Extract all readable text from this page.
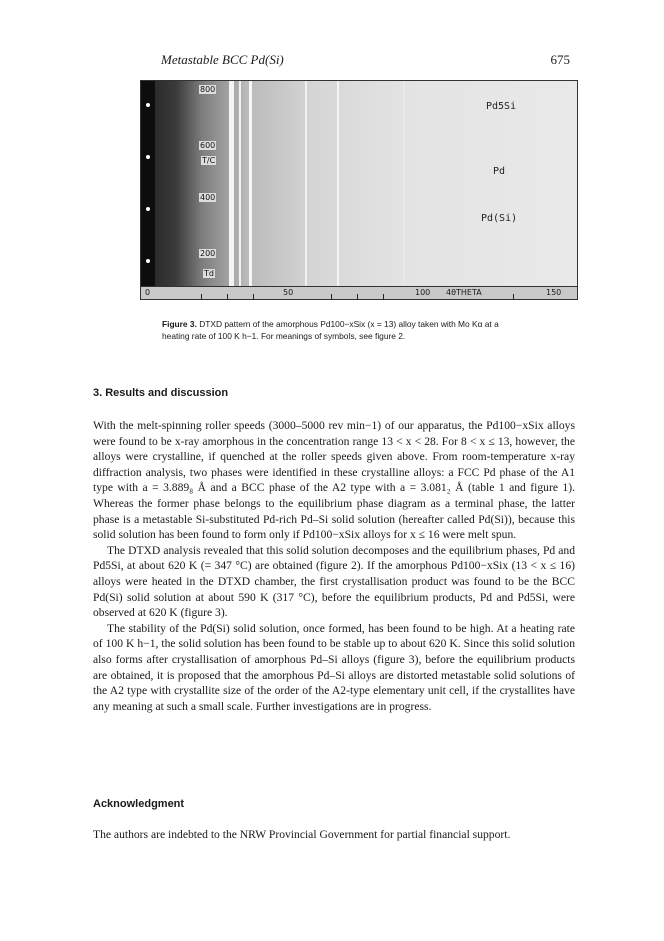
Metastable BCC Pd(Si)	675
800
600
T/C
400
200
Td
Pd5Si
Pd
Pd(Si)
0	50	100 4θTHETA	150
Figure 3. DTXD pattern of the amorphous Pd100−xSix (x = 13) alloy taken with Mo Kα at a heating rate of 100 K h−1. For meanings of symbols, see figure 2.
3. Results and discussion

With the melt-spinning roller speeds (3000–5000 rev min−1) of our apparatus, the Pd100−xSix alloys were found to be x-ray amorphous in the concentration range 13 < x < 28. For 8 < x ≤ 13, however, the alloys were crystalline, if quenched at the roller speeds given above. From room-temperature x-ray diffraction analysis, two phases were identified in these crystalline alloys: a FCC Pd phase of the A1 type with a = 3.889₈ Å and a BCC phase of the A2 type with a = 3.081₂ Å (table 1 and figure 1). Whereas the former phase belongs to the equilibrium phase diagram as a terminal phase, the latter phase is a metastable Si-substituted Pd-rich Pd–Si solid solution (hereafter called Pd(Si)), because this solid solution has been found to form only if Pd100−xSix alloys for x ≤ 16 were melt spun.

The DTXD analysis revealed that this solid solution decomposes and the equilibrium phases, Pd and Pd5Si, at about 620 K (= 347 °C) are obtained (figure 2). If the amorphous Pd100−xSix (13 < x ≤ 16) alloys were heated in the DTXD chamber, the first crystallisation product was found to be the BCC Pd(Si) solid solution at about 590 K (317 °C), before the equilibrium products, Pd and Pd5Si, were observed at 620 K (figure 3).

The stability of the Pd(Si) solid solution, once formed, has been found to be high. At a heating rate of 100 K h−1, the solid solution has been found to be stable up to about 620 K. Since this solid solution also forms after crystallisation of amorphous Pd–Si alloys (figure 3), before the equilibrium products are obtained, it is proposed that the amorphous Pd–Si alloys are distorted metastable solid solutions of the A2 type with crystallite size of the order of the A2-type elementary unit cell, if the crystallites have any meaning at such a small scale. Further investigations are in progress.

Acknowledgment

The authors are indebted to the NRW Provincial Government for partial financial support.
